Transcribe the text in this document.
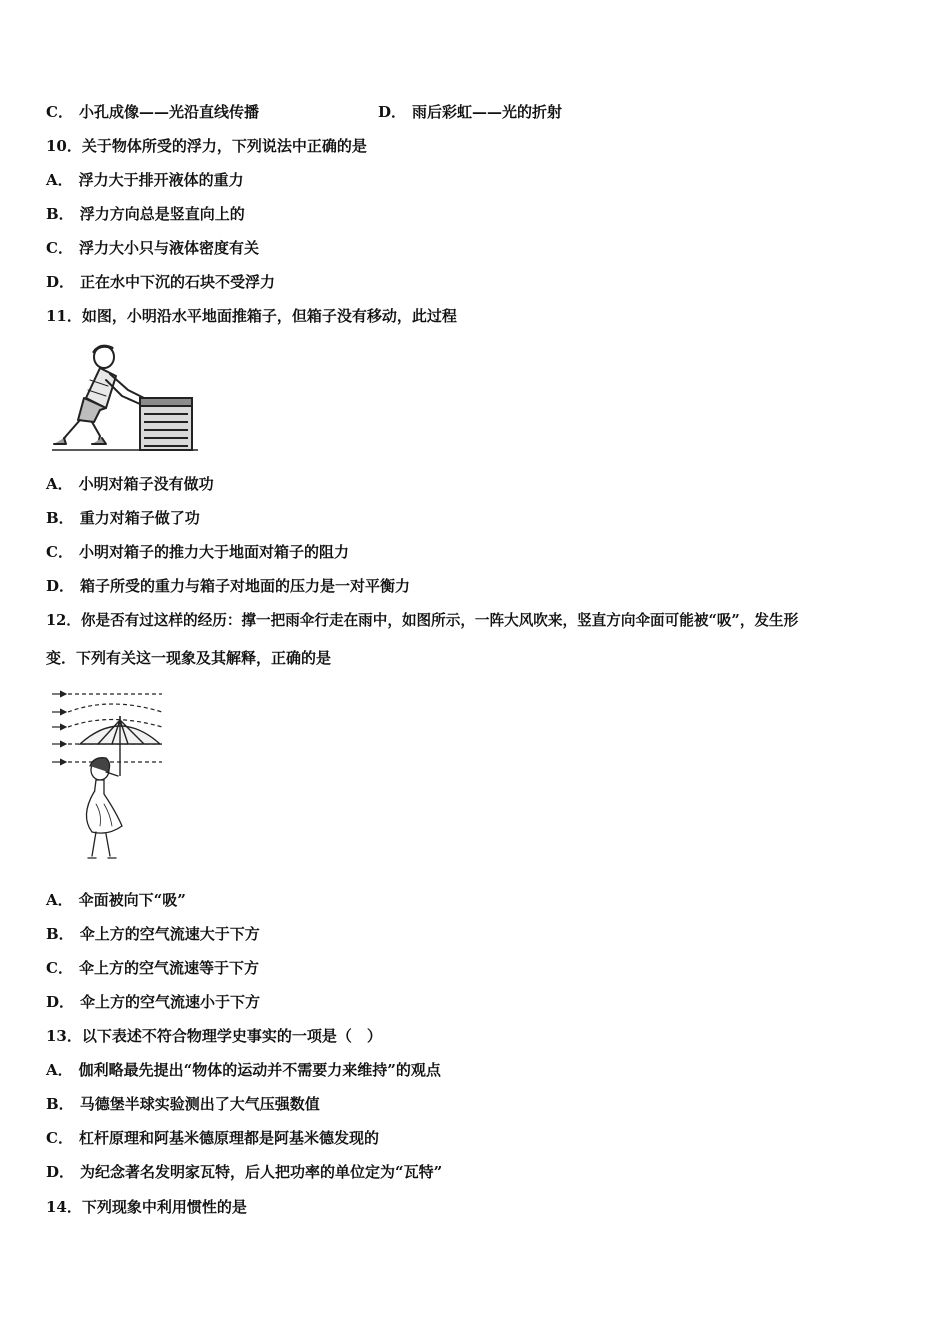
C． 小孔成像——光沿直线传播	D． 雨后彩虹——光的折射
10．关于物体所受的浮力，下列说法中正确的是
A． 浮力大于排开液体的重力
B． 浮力方向总是竖直向上的
C． 浮力大小只与液体密度有关
D． 正在水中下沉的石块不受浮力
11．如图，小明沿水平地面推箱子，但箱子没有移动，此过程
A． 小明对箱子没有做功
B． 重力对箱子做了功
C． 小明对箱子的推力大于地面对箱子的阻力
D． 箱子所受的重力与箱子对地面的压力是一对平衡力
12．你是否有过这样的经历：撑一把雨伞行走在雨中，如图所示，一阵大风吹来，竖直方向伞面可能被“吸”，发生形
变．下列有关这一现象及其解释，正确的是
A． 伞面被向下“吸”
B． 伞上方的空气流速大于下方
C． 伞上方的空气流速等于下方
D． 伞上方的空气流速小于下方
13．以下表述不符合物理学史事实的一项是（　）
A． 伽利略最先提出“物体的运动并不需要力来维持”的观点
B． 马德堡半球实验测出了大气压强数值
C． 杠杆原理和阿基米德原理都是阿基米德发现的
D． 为纪念著名发明家瓦特，后人把功率的单位定为“瓦特”
14．下列现象中利用惯性的是
